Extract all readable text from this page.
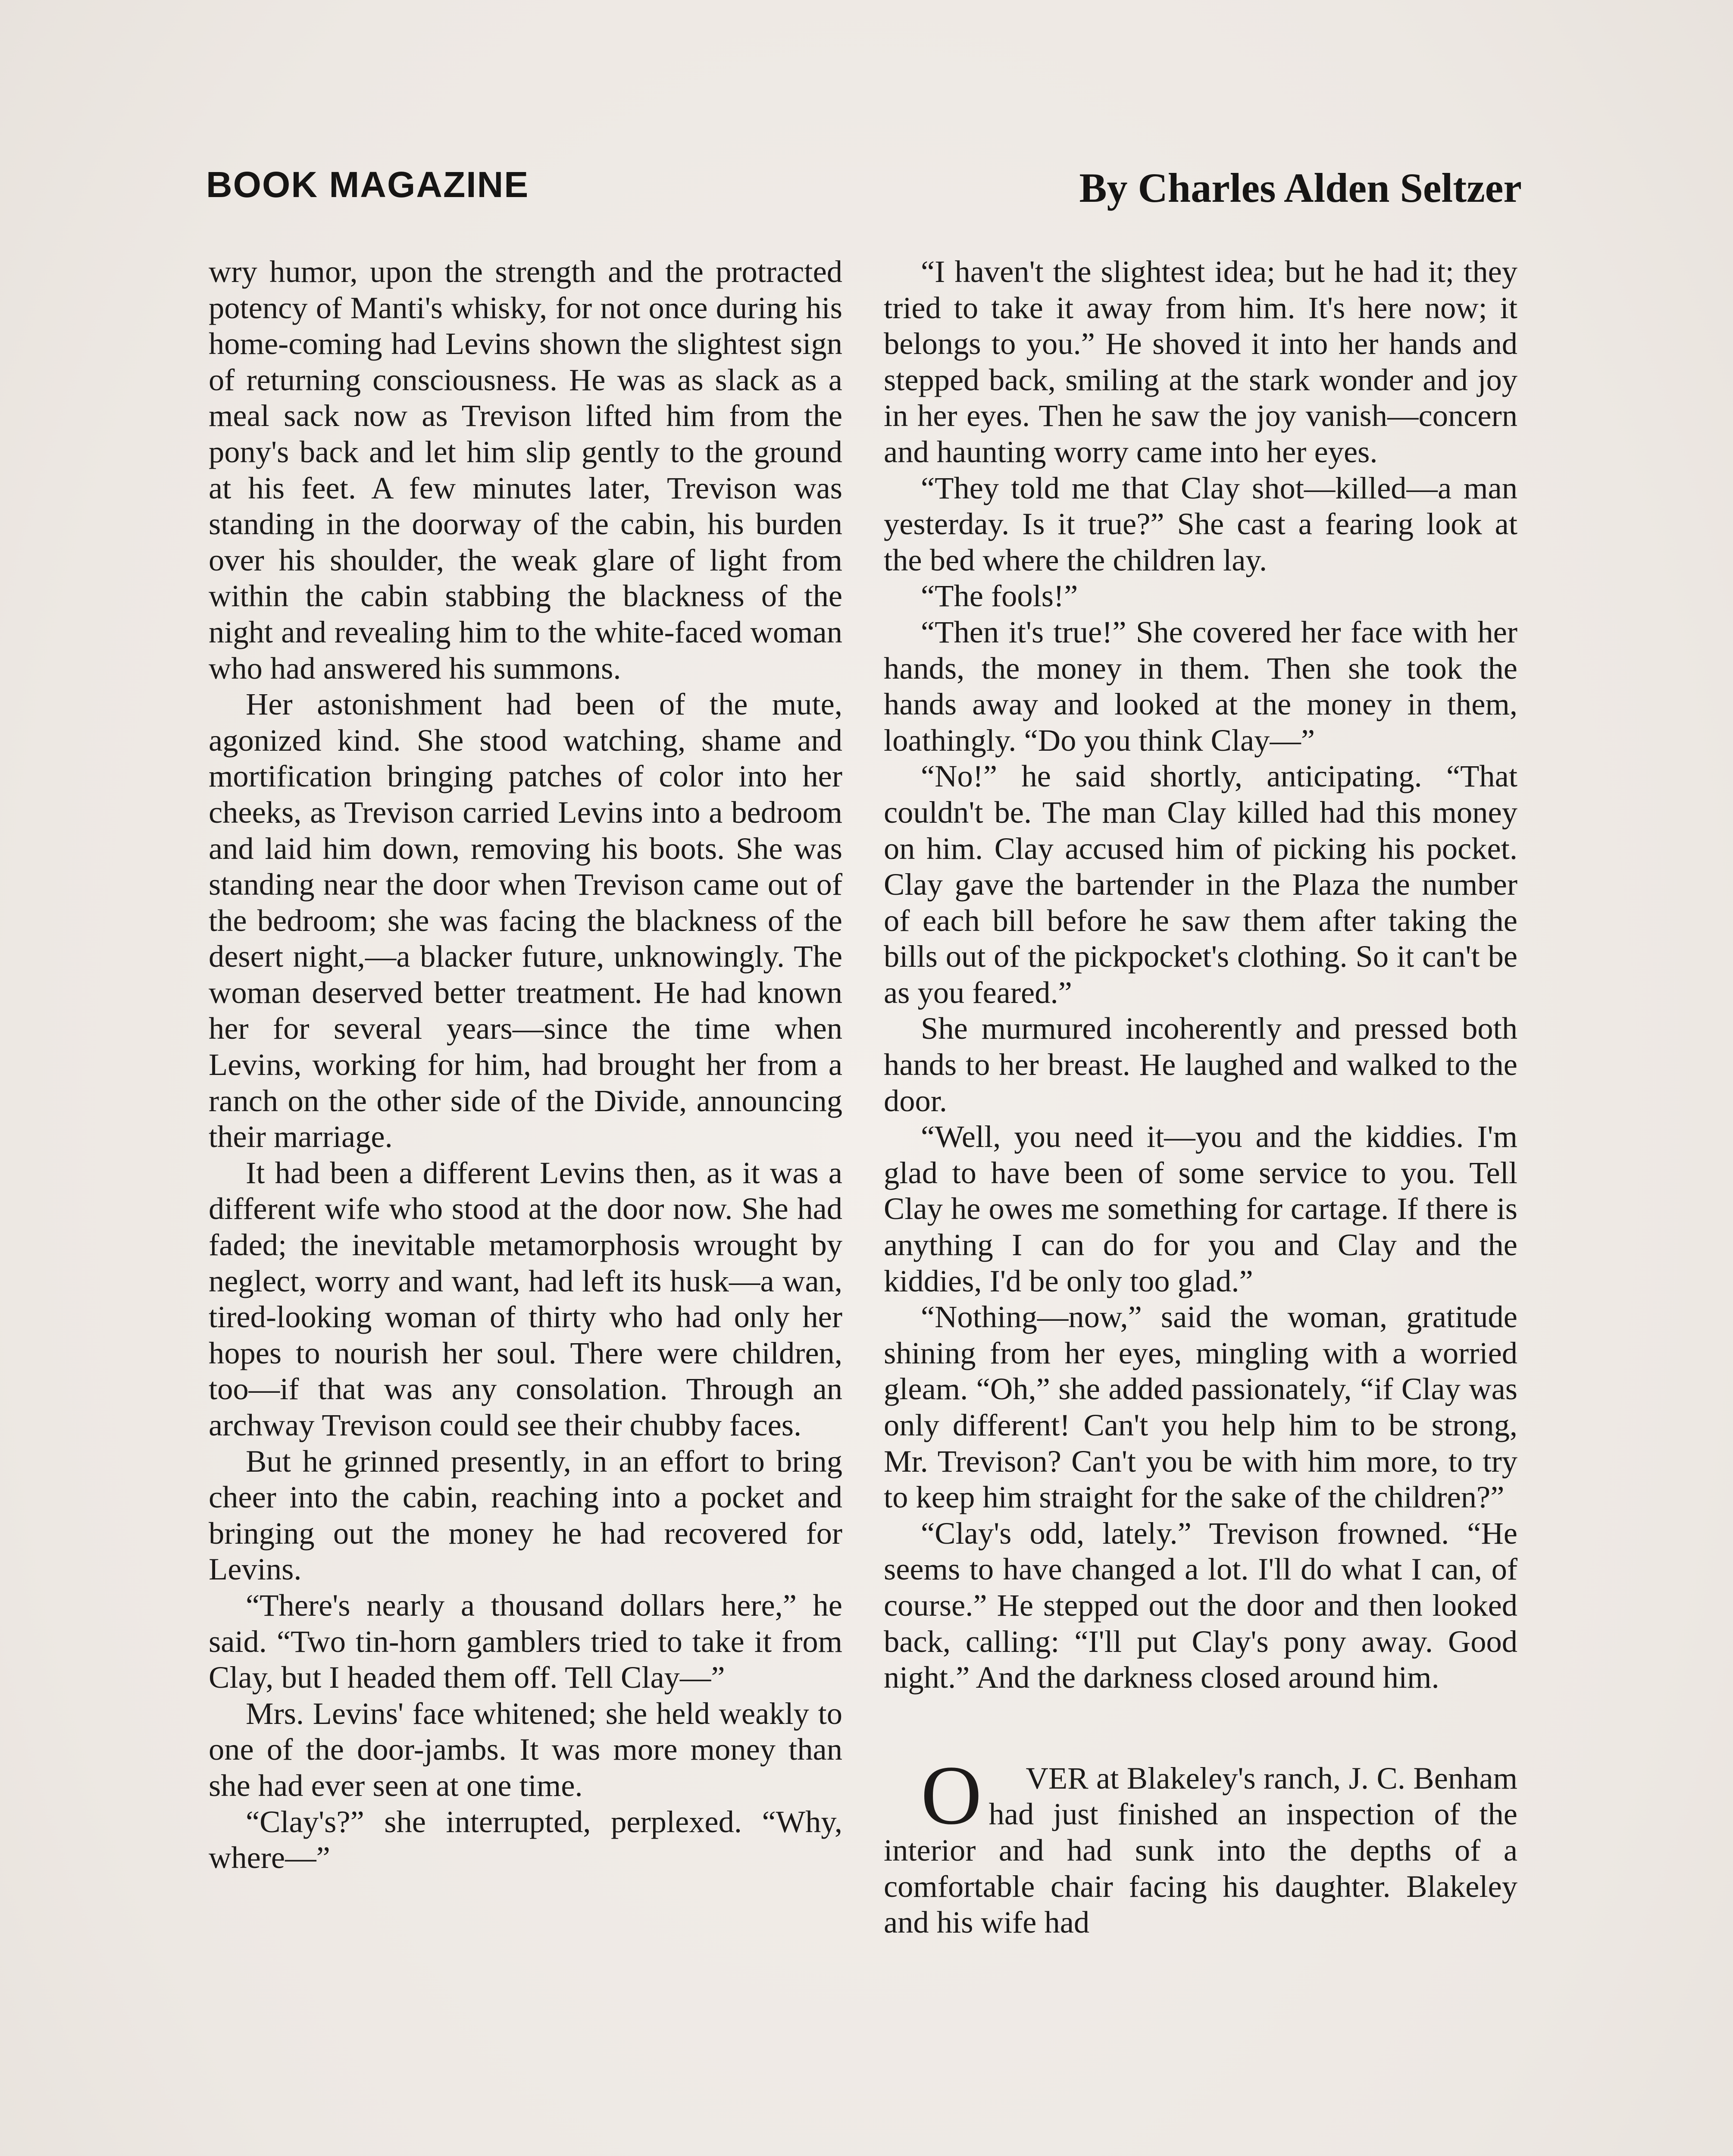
BOOK MAGAZINE	By Charles Alden Seltzer

wry humor, upon the strength and the protracted potency of Manti's whisky, for not once during his home-coming had Levins shown the slightest sign of returning consciousness. He was as slack as a meal sack now as Trevison lifted him from the pony's back and let him slip gently to the ground at his feet. A few minutes later, Trevison was standing in the doorway of the cabin, his burden over his shoulder, the weak glare of light from within the cabin stabbing the blackness of the night and revealing him to the white-faced woman who had answered his summons.

Her astonishment had been of the mute, agonized kind. She stood watching, shame and mortification bringing patches of color into her cheeks, as Trevison carried Levins into a bedroom and laid him down, removing his boots. She was standing near the door when Trevison came out of the bedroom; she was facing the blackness of the desert night,—a blacker future, unknowingly. The woman deserved better treatment. He had known her for several years—since the time when Levins, working for him, had brought her from a ranch on the other side of the Divide, announcing their marriage.

It had been a different Levins then, as it was a different wife who stood at the door now. She had faded; the inevitable metamorphosis wrought by neglect, worry and want, had left its husk—a wan, tired-looking woman of thirty who had only her hopes to nourish her soul. There were children, too—if that was any consolation. Through an archway Trevison could see their chubby faces.

But he grinned presently, in an effort to bring cheer into the cabin, reaching into a pocket and bringing out the money he had recovered for Levins.

“There's nearly a thousand dollars here,” he said. “Two tin-horn gamblers tried to take it from Clay, but I headed them off. Tell Clay—”

Mrs. Levins' face whitened; she held weakly to one of the door-jambs. It was more money than she had ever seen at one time.

“Clay's?” she interrupted, perplexed. “Why, where—”

“I haven't the slightest idea; but he had it; they tried to take it away from him. It's here now; it belongs to you.” He shoved it into her hands and stepped back, smiling at the stark wonder and joy in her eyes. Then he saw the joy vanish—concern and haunting worry came into her eyes.

“They told me that Clay shot—killed—a man yesterday. Is it true?” She cast a fearing look at the bed where the children lay.

“The fools!”

“Then it's true!” She covered her face with her hands, the money in them. Then she took the hands away and looked at the money in them, loathingly. “Do you think Clay—”

“No!” he said shortly, anticipating. “That couldn't be. The man Clay killed had this money on him. Clay accused him of picking his pocket. Clay gave the bartender in the Plaza the number of each bill before he saw them after taking the bills out of the pickpocket's clothing. So it can't be as you feared.”

She murmured incoherently and pressed both hands to her breast. He laughed and walked to the door.

“Well, you need it—you and the kiddies. I'm glad to have been of some service to you. Tell Clay he owes me something for cartage. If there is anything I can do for you and Clay and the kiddies, I'd be only too glad.”

“Nothing—now,” said the woman, gratitude shining from her eyes, mingling with a worried gleam. “Oh,” she added passionately, “if Clay was only different! Can't you help him to be strong, Mr. Trevison? Can't you be with him more, to try to keep him straight for the sake of the children?”

“Clay's odd, lately.” Trevison frowned. “He seems to have changed a lot. I'll do what I can, of course.” He stepped out the door and then looked back, calling: “I'll put Clay's pony away. Good night.” And the darkness closed around him.

O VER at Blakeley's ranch, J. C. Benham had just finished an inspection of the interior and had sunk into the depths of a comfortable chair facing his daughter. Blakeley and his wife had
